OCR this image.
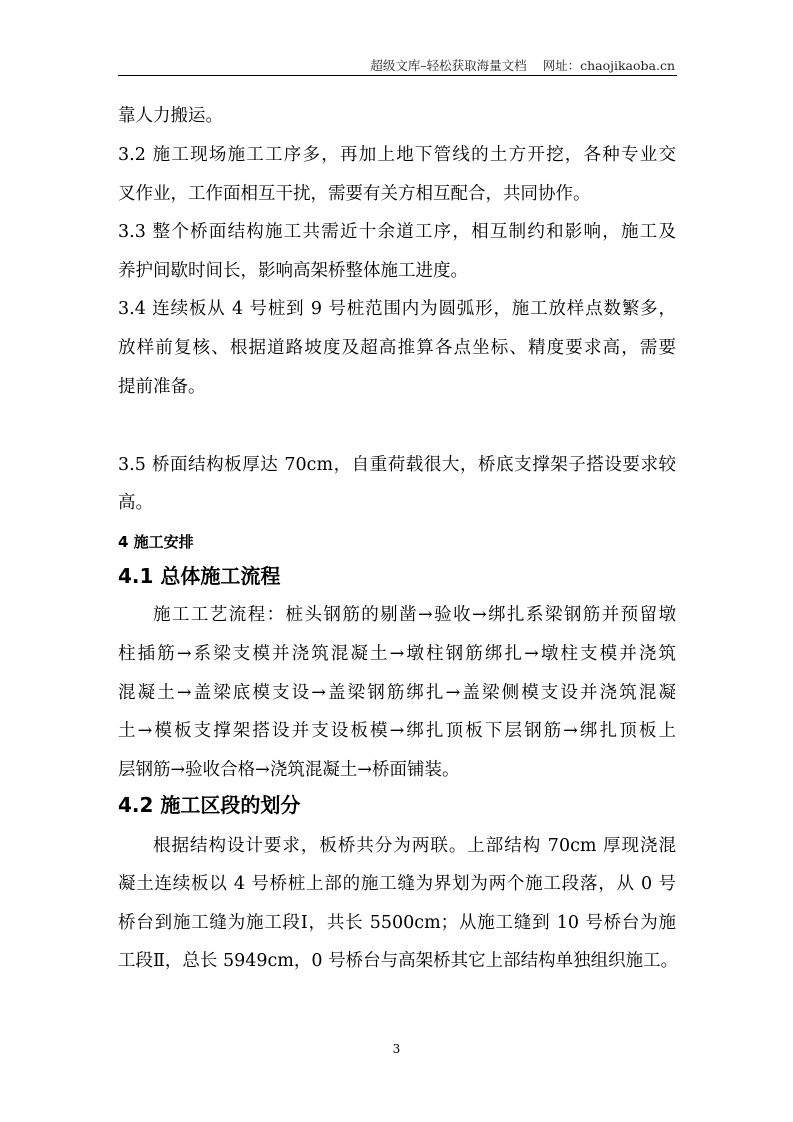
超级文库–轻松获取海量文档 网址：chaojikaoba.cn
靠人力搬运。
3.2 施工现场施工工序多，再加上地下管线的土方开挖，各种专业交
叉作业，工作面相互干扰，需要有关方相互配合，共同协作。
3.3 整个桥面结构施工共需近十余道工序，相互制约和影响，施工及
养护间歇时间长，影响高架桥整体施工进度。
3.4 连续板从 4 号桩到 9 号桩范围内为圆弧形，施工放样点数繁多，
放样前复核、根据道路坡度及超高推算各点坐标、精度要求高，需要
提前准备。
3.5 桥面结构板厚达 70cm，自重荷载很大，桥底支撑架子搭设要求较
高。
4 施工安排
4.1 总体施工流程
施工工艺流程：桩头钢筋的剔凿→验收→绑扎系梁钢筋并预留墩
柱插筋→系梁支模并浇筑混凝土→墩柱钢筋绑扎→墩柱支模并浇筑
混凝土→盖梁底模支设→盖梁钢筋绑扎→盖梁侧模支设并浇筑混凝
土→模板支撑架搭设并支设板模→绑扎顶板下层钢筋→绑扎顶板上
层钢筋→验收合格→浇筑混凝土→桥面铺装。
4.2 施工区段的划分
根据结构设计要求，板桥共分为两联。上部结构 70cm 厚现浇混
凝土连续板以 4 号桥桩上部的施工缝为界划为两个施工段落，从 0 号
桥台到施工缝为施工段Ⅰ，共长 5500cm；从施工缝到 10 号桥台为施
工段Ⅱ，总长 5949cm，0 号桥台与高架桥其它上部结构单独组织施工。
3
